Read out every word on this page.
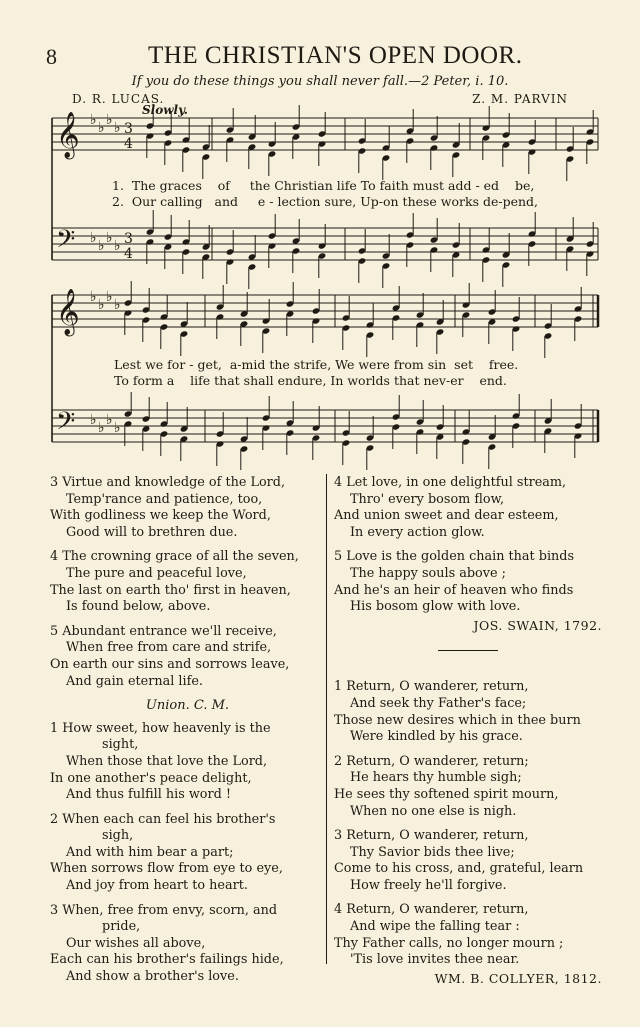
8	THE CHRISTIAN'S OPEN DOOR.
If you do these things you shall never fall.—2 Peter, i. 10.
D. R. LUCAS.	Z. M. PARVIN
Slowly.
𝄞 ♭ ♭ ♭ ♭ 3
4
𝄢 ♭ ♭ ♭ ♭ 3
4
𝄞 ♭ ♭ ♭ ♭
𝄢 ♭ ♭ ♭ ♭
1.  The graces    of     the Christian life To faith must add - ed    be,
2.  Our calling   and     e - lection sure, Up-on these works de-pend,
Lest we for - get,  a-mid the strife, We were from sin  set    free.
To form a    life that shall endure, In worlds that nev-er    end.
3 Virtue and knowledge of the Lord,
Temp'rance and patience, too,
With godliness we keep the Word,
Good will to brethren due.
4 The crowning grace of all the seven,
The pure and peaceful love,
The last on earth tho' first in heaven,
Is found below, above.
5 Abundant entrance we'll receive,
When free from care and strife,
On earth our sins and sorrows leave,
And gain eternal life.
Union. C. M.
1 How sweet, how heavenly is the
sight,
When those that love the Lord,
In one another's peace delight,
And thus fulfill his word !
2 When each can feel his brother's
sigh,
And with him bear a part;
When sorrows flow from eye to eye,
And joy from heart to heart.
3 When, free from envy, scorn, and
pride,
Our wishes all above,
Each can his brother's failings hide,
And show a brother's love.
4 Let love, in one delightful stream,
Thro' every bosom flow,
And union sweet and dear esteem,
In every action glow.
5 Love is the golden chain that binds
The happy souls above ;
And he's an heir of heaven who finds
His bosom glow with love.
JOS. SWAIN, 1792.
1 Return, O wanderer, return,
And seek thy Father's face;
Those new desires which in thee burn
Were kindled by his grace.
2 Return, O wanderer, return;
He hears thy humble sigh;
He sees thy softened spirit mourn,
When no one else is nigh.
3 Return, O wanderer, return,
Thy Savior bids thee live;
Come to his cross, and, grateful, learn
How freely he'll forgive.
4 Return, O wanderer, return,
And wipe the falling tear :
Thy Father calls, no longer mourn ;
'Tis love invites thee near.
WM. B. COLLYER, 1812.
